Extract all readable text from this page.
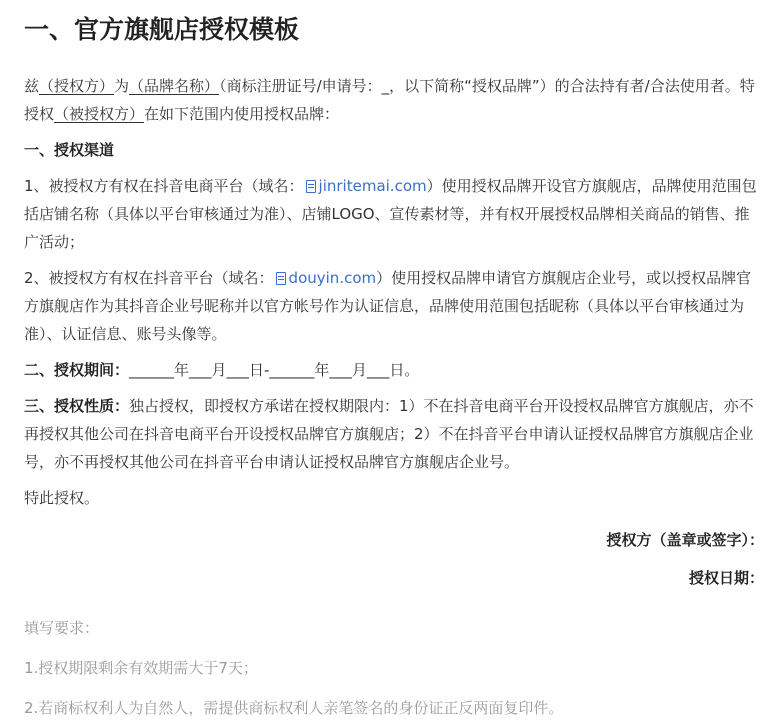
一、官方旗舰店授权模板

兹（授权方）为（品牌名称）（商标注册证号/申请号：_，以下简称“授权品牌”）的合法持有者/合法使用者。特授权（被授权方）在如下范围内使用授权品牌：

一、授权渠道

1、被授权方有权在抖音电商平台（域名： jinritemai.com）使用授权品牌开设官方旗舰店，品牌使用范围包括店铺名称（具体以平台审核通过为准）、店铺LOGO、宣传素材等，并有权开展授权品牌相关商品的销售、推广活动；

2、被授权方有权在抖音平台（域名： douyin.com）使用授权品牌申请官方旗舰店企业号，或以授权品牌官方旗舰店作为其抖音企业号昵称并以官方帐号作为认证信息，品牌使用范围包括昵称（具体以平台审核通过为准）、认证信息、账号头像等。

二、授权期间：______年___月___日-______年___月___日。

三、授权性质：独占授权，即授权方承诺在授权期限内：1）不在抖音电商平台开设授权品牌官方旗舰店，亦不再授权其他公司在抖音电商平台开设授权品牌官方旗舰店；2）不在抖音平台申请认证授权品牌官方旗舰店企业号，亦不再授权其他公司在抖音平台申请认证授权品牌官方旗舰店企业号。

特此授权。

授权方（盖章或签字）：

授权日期：

填写要求：

1.授权期限剩余有效期需大于7天；

2.若商标权利人为自然人，需提供商标权利人亲笔签名的身份证正反两面复印件。
